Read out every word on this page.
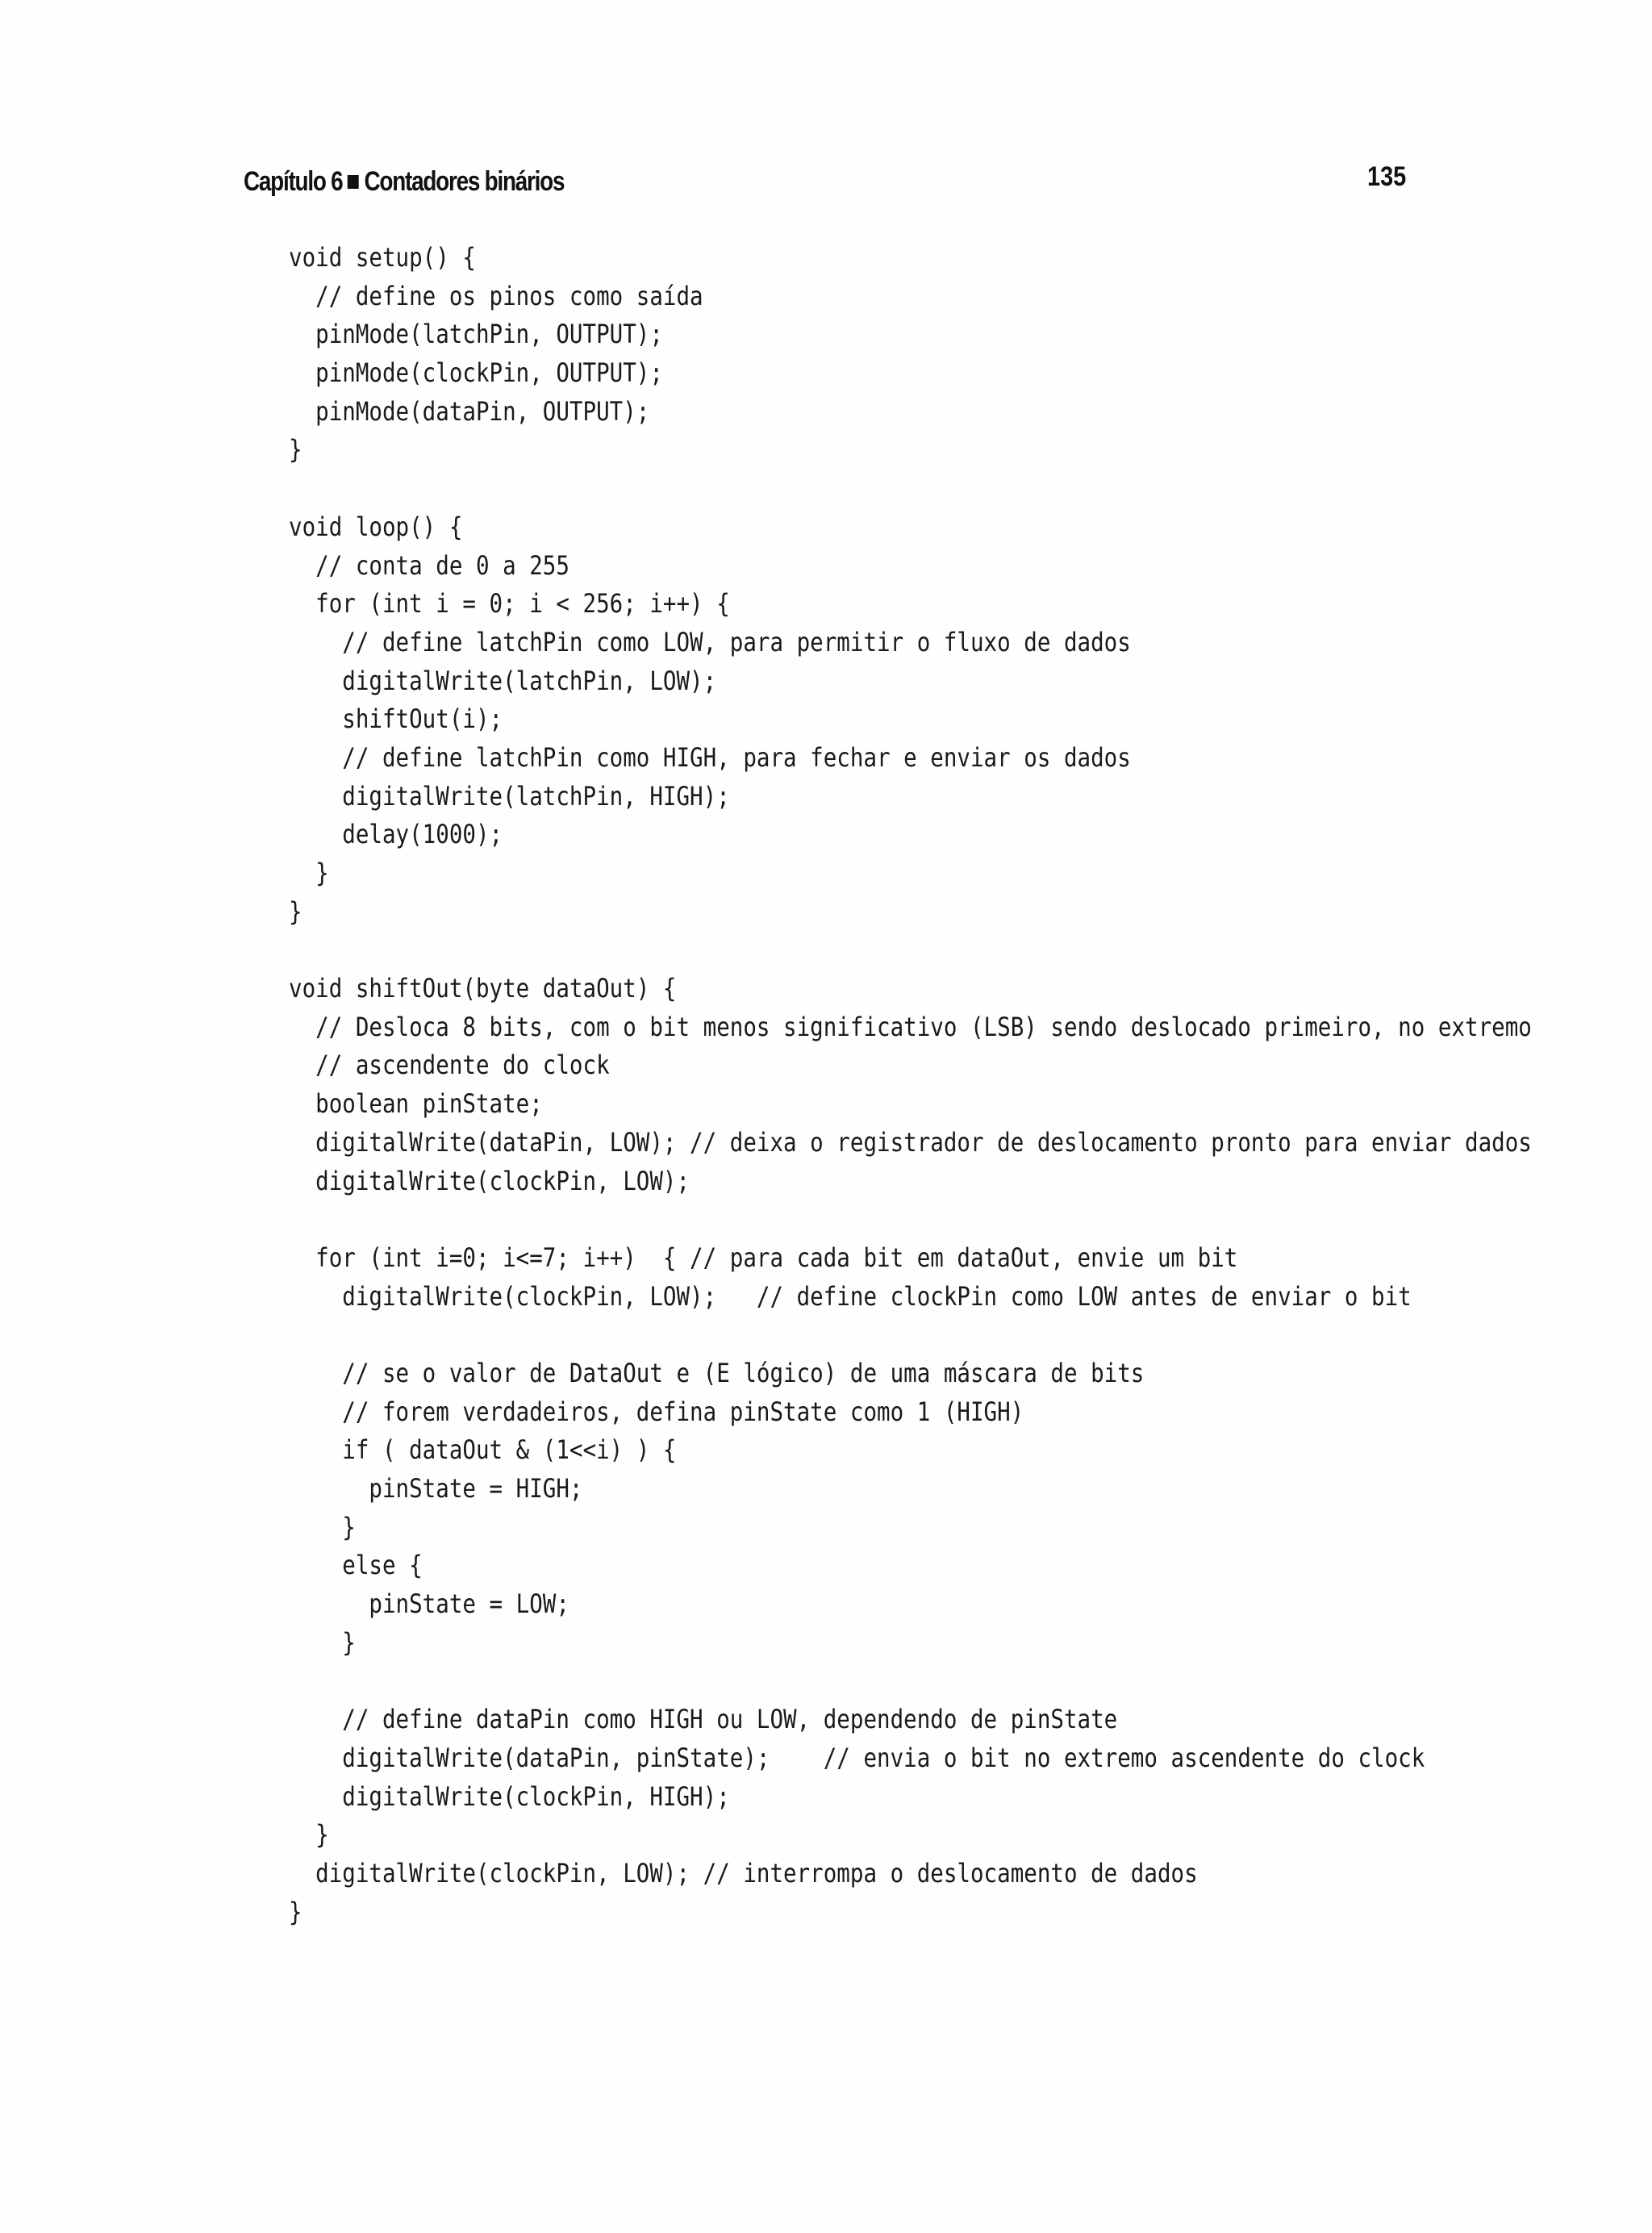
Capítulo 6 Contadores binários	135
void setup() {
// define os pinos como saída
pinMode(latchPin, OUTPUT);
pinMode(clockPin, OUTPUT);
pinMode(dataPin, OUTPUT);
}
void loop() {
// conta de 0 a 255
for (int i = 0; i < 256; i++) {
// define latchPin como LOW, para permitir o fluxo de dados
digitalWrite(latchPin, LOW);
shiftOut(i);
// define latchPin como HIGH, para fechar e enviar os dados
digitalWrite(latchPin, HIGH);
delay(1000);
}
}
void shiftOut(byte dataOut) {
// Desloca 8 bits, com o bit menos significativo (LSB) sendo deslocado primeiro, no extremo
// ascendente do clock
boolean pinState;
digitalWrite(dataPin, LOW); // deixa o registrador de deslocamento pronto para enviar dados
digitalWrite(clockPin, LOW);
for (int i=0; i<=7; i++)  { // para cada bit em dataOut, envie um bit
digitalWrite(clockPin, LOW);   // define clockPin como LOW antes de enviar o bit
// se o valor de DataOut e (E lógico) de uma máscara de bits
// forem verdadeiros, defina pinState como 1 (HIGH)
if ( dataOut & (1<<i) ) {
pinState = HIGH;
}
else {
pinState = LOW;
}
// define dataPin como HIGH ou LOW, dependendo de pinState
digitalWrite(dataPin, pinState);    // envia o bit no extremo ascendente do clock
digitalWrite(clockPin, HIGH);
}
digitalWrite(clockPin, LOW); // interrompa o deslocamento de dados
}
